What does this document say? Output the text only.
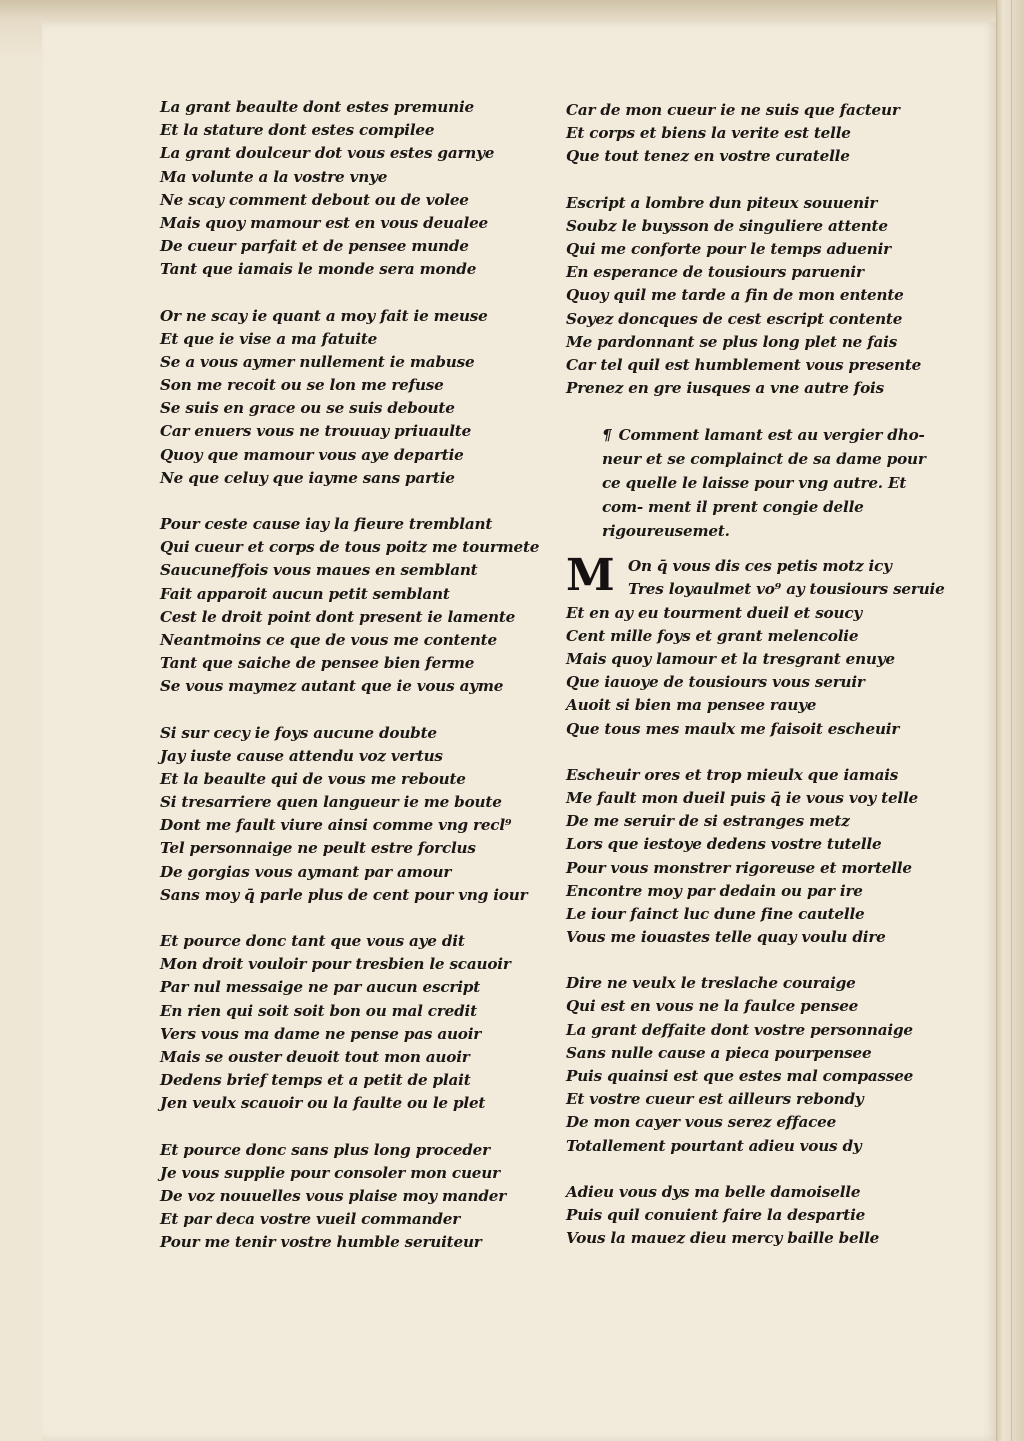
La grant beaulte dont estes premunie
Et la stature dont estes compilee
La grant doulceur dot vous estes garnye
Ma volunte a la vostre vnye
Ne scay comment debout ou de volee
Mais quoy mamour est en vous deualee
De cueur parfait et de pensee munde
Tant que iamais le monde sera monde
Or ne scay ie quant a moy fait ie meuse
Et que ie vise a ma fatuite
Se a vous aymer nullement ie mabuse
Son me recoit ou se lon me refuse
Se suis en grace ou se suis deboute
Car enuers vous ne trouuay priuaulte
Quoy que mamour vous aye departie
Ne que celuy que iayme sans partie
Pour ceste cause iay la fieure tremblant
Qui cueur et corps de tous poitz me tourmete
Saucuneffois vous maues en semblant
Fait apparoit aucun petit semblant
Cest le droit point dont present ie lamente
Neantmoins ce que de vous me contente
Tant que saiche de pensee bien ferme
Se vous maymez autant que ie vous ayme
Si sur cecy ie foys aucune doubte
Jay iuste cause attendu voz vertus
Et la beaulte qui de vous me reboute
Si tresarriere quen langueur ie me boute
Dont me fault viure ainsi comme vng recl⁹
Tel personnaige ne peult estre forclus
De gorgias vous aymant par amour
Sans moy q̄ parle plus de cent pour vng iour
Et pource donc tant que vous aye dit
Mon droit vouloir pour tresbien le scauoir
Par nul messaige ne par aucun escript
En rien qui soit soit bon ou mal credit
Vers vous ma dame ne pense pas auoir
Mais se ouster deuoit tout mon auoir
Dedens brief temps et a petit de plait
Jen veulx scauoir ou la faulte ou le plet
Et pource donc sans plus long proceder
Je vous supplie pour consoler mon cueur
De voz nouuelles vous plaise moy mander
Et par deca vostre vueil commander
Pour me tenir vostre humble seruiteur
Car de mon cueur ie ne suis que facteur
Et corps et biens la verite est telle
Que tout tenez en vostre curatelle
Escript a lombre dun piteux souuenir
Soubz le buysson de singuliere attente
Qui me conforte pour le temps aduenir
En esperance de tousiours paruenir
Quoy quil me tarde a fin de mon entente
Soyez doncques de cest escript contente
Me pardonnant se plus long plet ne fais
Car tel quil est humblement vous presente
Prenez en gre iusques a vne autre fois
¶ Comment lamant est au vergier dho- neur et se complainct de sa dame pour ce quelle le laisse pour vng autre. Et com- ment il prent congie delle rigoureusemet.
M On q̄ vous dis ces petis motz icy
Tres loyaulmet vo⁹ ay tousiours seruie
Et en ay eu tourment dueil et soucy
Cent mille foys et grant melencolie
Mais quoy lamour et la tresgrant enuye
Que iauoye de tousiours vous seruir
Auoit si bien ma pensee rauye
Que tous mes maulx me faisoit escheuir
Escheuir ores et trop mieulx que iamais
Me fault mon dueil puis q̄ ie vous voy telle
De me seruir de si estranges metz
Lors que iestoye dedens vostre tutelle
Pour vous monstrer rigoreuse et mortelle
Encontre moy par dedain ou par ire
Le iour fainct luc dune fine cautelle
Vous me iouastes telle quay voulu dire
Dire ne veulx le treslache couraige
Qui est en vous ne la faulce pensee
La grant deffaite dont vostre personnaige
Sans nulle cause a pieca pourpensee
Puis quainsi est que estes mal compassee
Et vostre cueur est ailleurs rebondy
De mon cayer vous serez effacee
Totallement pourtant adieu vous dy
Adieu vous dys ma belle damoiselle
Puis quil conuient faire la despartie
Vous la mauez dieu mercy baille belle
